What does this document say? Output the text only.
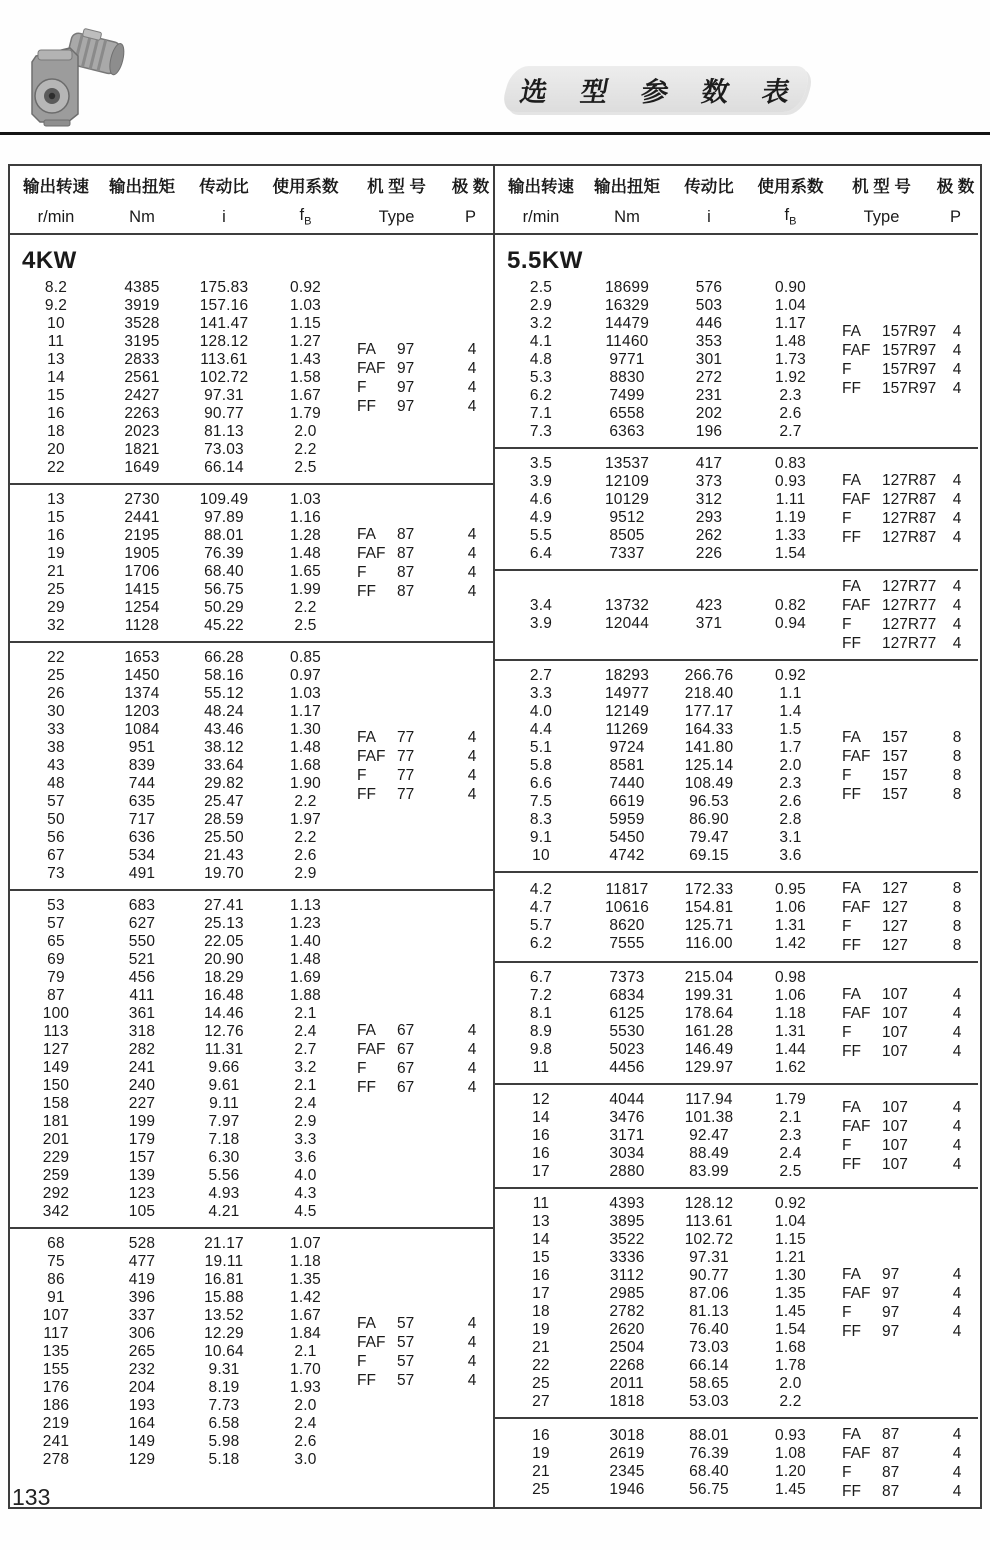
选 型 参 数 表
输出转速	输出扭矩	传动比	使用系数	机 型 号	极 数
r/min	Nm	i	$f_B$	Type	P
4KW
8.2	4385	175.83	0.92
9.2	3919	157.16	1.03
10	3528	141.47	1.15
11	3195	128.12	1.27
13	2833	113.61	1.43
14	2561	102.72	1.58
15	2427	97.31	1.67
16	2263	90.77	1.79
18	2023	81.13	2.0
20	1821	73.03	2.2
22	1649	66.14	2.5
FA	97	4
FAF 97	4
F	97	4
FF	97	4
13	2730	109.49	1.03
15	2441	97.89	1.16
16	2195	88.01	1.28
19	1905	76.39	1.48
21	1706	68.40	1.65
25	1415	56.75	1.99
29	1254	50.29	2.2
32	1128	45.22	2.5
FA	87	4
FAF 87	4
F	87	4
FF	87	4
22	1653	66.28	0.85
25	1450	58.16	0.97
26	1374	55.12	1.03
30	1203	48.24	1.17
33	1084	43.46	1.30
38	951	38.12	1.48
43	839	33.64	1.68
48	744	29.82	1.90
57	635	25.47	2.2
50	717	28.59	1.97
56	636	25.50	2.2
67	534	21.43	2.6
73	491	19.70	2.9
FA	77	4
FAF 77	4
F	77	4
FF	77	4
53	683	27.41	1.13
57	627	25.13	1.23
65	550	22.05	1.40
69	521	20.90	1.48
79	456	18.29	1.69
87	411	16.48	1.88
100	361	14.46	2.1
113	318	12.76	2.4
127	282	11.31	2.7
149	241	9.66	3.2
150	240	9.61	2.1
158	227	9.11	2.4
181	199	7.97	2.9
201	179	7.18	3.3
229	157	6.30	3.6
259	139	5.56	4.0
292	123	4.93	4.3
342	105	4.21	4.5
FA	67	4
FAF 67	4
F	67	4
FF	67	4
68	528	21.17	1.07
75	477	19.11	1.18
86	419	16.81	1.35
91	396	15.88	1.42
107	337	13.52	1.67
117	306	12.29	1.84
135	265	10.64	2.1
155	232	9.31	1.70
176	204	8.19	1.93
186	193	7.73	2.0
219	164	6.58	2.4
241	149	5.98	2.6
278	129	5.18	3.0
FA	57	4
FAF 57	4
F	57	4
FF	57	4
输出转速	输出扭矩	传动比	使用系数	机 型 号	极 数
r/min	Nm	i	$f_B$	Type	P
5.5KW
2.5	18699	576	0.90
2.9	16329	503	1.04
3.2	14479	446	1.17
4.1	11460	353	1.48
4.8	9771	301	1.73
5.3	8830	272	1.92
6.2	7499	231	2.3
7.1	6558	202	2.6
7.3	6363	196	2.7
FA	157R97	4
FAF 157R97	4
F	157R97	4
FF	157R97	4
3.5	13537	417	0.83
3.9	12109	373	0.93
4.6	10129	312	1.11
4.9	9512	293	1.19
5.5	8505	262	1.33
6.4	7337	226	1.54
FA	127R87	4
FAF 127R87	4
F	127R87	4
FF	127R87	4
3.4	13732	423	0.82
3.9	12044	371	0.94
FA	127R77	4
FAF 127R77	4
F	127R77	4
FF	127R77	4
2.7	18293	266.76	0.92
3.3	14977	218.40	1.1
4.0	12149	177.17	1.4
4.4	11269	164.33	1.5
5.1	9724	141.80	1.7
5.8	8581	125.14	2.0
6.6	7440	108.49	2.3
7.5	6619	96.53	2.6
8.3	5959	86.90	2.8
9.1	5450	79.47	3.1
10	4742	69.15	3.6
FA	157	8
FAF 157	8
F	157	8
FF	157	8
4.2	11817	172.33	0.95
4.7	10616	154.81	1.06
5.7	8620	125.71	1.31
6.2	7555	116.00	1.42
FA	127	8
FAF 127	8
F	127	8
FF	127	8
6.7	7373	215.04	0.98
7.2	6834	199.31	1.06
8.1	6125	178.64	1.18
8.9	5530	161.28	1.31
9.8	5023	146.49	1.44
11	4456	129.97	1.62
FA	107	4
FAF 107	4
F	107	4
FF	107	4
12	4044	117.94	1.79
14	3476	101.38	2.1
16	3171	92.47	2.3
16	3034	88.49	2.4
17	2880	83.99	2.5
FA	107	4
FAF 107	4
F	107	4
FF	107	4
11	4393	128.12	0.92
13	3895	113.61	1.04
14	3522	102.72	1.15
15	3336	97.31	1.21
16	3112	90.77	1.30
17	2985	87.06	1.35
18	2782	81.13	1.45
19	2620	76.40	1.54
21	2504	73.03	1.68
22	2268	66.14	1.78
25	2011	58.65	2.0
27	1818	53.03	2.2
FA	97	4
FAF 97	4
F	97	4
FF	97	4
16	3018	88.01	0.93
19	2619	76.39	1.08
21	2345	68.40	1.20
25	1946	56.75	1.45
FA	87	4
FAF 87	4
F	87	4
FF	87	4
133
